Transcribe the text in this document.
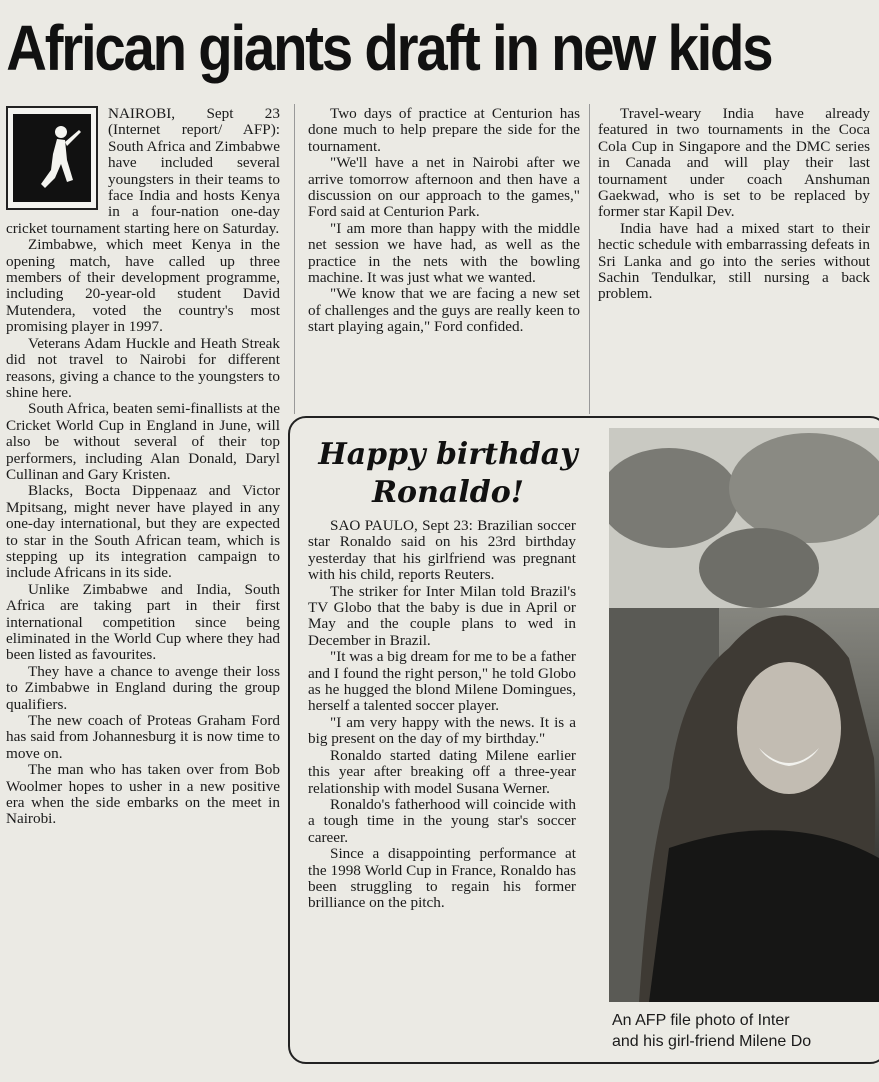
African giants draft in new kids

NAIROBI, Sept 23 (Internet report/ AFP): South Africa and Zimbabwe have included several youngsters in their teams to face India and hosts Kenya in a four-nation one-day cricket tournament starting here on Saturday.

Zimbabwe, which meet Kenya in the opening match, have called up three members of their development programme, including 20-year-old student David Mutendera, voted the country's most promising player in 1997.

Veterans Adam Huckle and Heath Streak did not travel to Nairobi for different reasons, giving a chance to the youngsters to shine here.

South Africa, beaten semi-finallists at the Cricket World Cup in England in June, will also be without several of their top performers, including Alan Donald, Daryl Cullinan and Gary Kristen.

Blacks, Bocta Dippenaaz and Victor Mpitsang, might never have played in any one-day international, but they are expected to star in the South African team, which is stepping up its integration campaign to include Africans in its side.

Unlike Zimbabwe and India, South Africa are taking part in their first international competition since being eliminated in the World Cup where they had been listed as favourites.

They have a chance to avenge their loss to Zimbabwe in England during the group qualifiers.

The new coach of Proteas Graham Ford has said from Johannesburg it is now time to move on.

The man who has taken over from Bob Woolmer hopes to usher in a new positive era when the side embarks on the meet in Nairobi.

Two days of practice at Centurion has done much to help prepare the side for the tournament.

"We'll have a net in Nairobi after we arrive tomorrow afternoon and then have a discussion on our approach to the games," Ford said at Centurion Park.

"I am more than happy with the middle net session we have had, as well as the practice in the nets with the bowling machine. It was just what we wanted.

"We know that we are facing a new set of challenges and the guys are really keen to start playing again," Ford confided.

Travel-weary India have already featured in two tournaments in the Coca Cola Cup in Singapore and the DMC series in Canada and will play their last tournament under coach Anshuman Gaekwad, who is set to be replaced by former star Kapil Dev.

India have had a mixed start to their hectic schedule with embarrassing defeats in Sri Lanka and go into the series without Sachin Tendulkar, still nursing a back problem.

Happy birthday
Ronaldo!

SAO PAULO, Sept 23: Brazilian soccer star Ronaldo said on his 23rd birthday yesterday that his girlfriend was pregnant with his child, reports Reuters.

The striker for Inter Milan told Brazil's TV Globo that the baby is due in April or May and the couple plans to wed in December in Brazil.

"It was a big dream for me to be a father and I found the right person," he told Globo as he hugged the blond Milene Domingues, herself a talented soccer player.

"I am very happy with the news. It is a big present on the day of my birthday."

Ronaldo started dating Milene earlier this year after breaking off a three-year relationship with model Susana Werner.

Ronaldo's fatherhood will coincide with a tough time in the young star's soccer career.

Since a disappointing performance at the 1998 World Cup in France, Ronaldo has been struggling to regain his former brilliance on the pitch.

An AFP file photo of Inter
and his girl-friend Milene Do
